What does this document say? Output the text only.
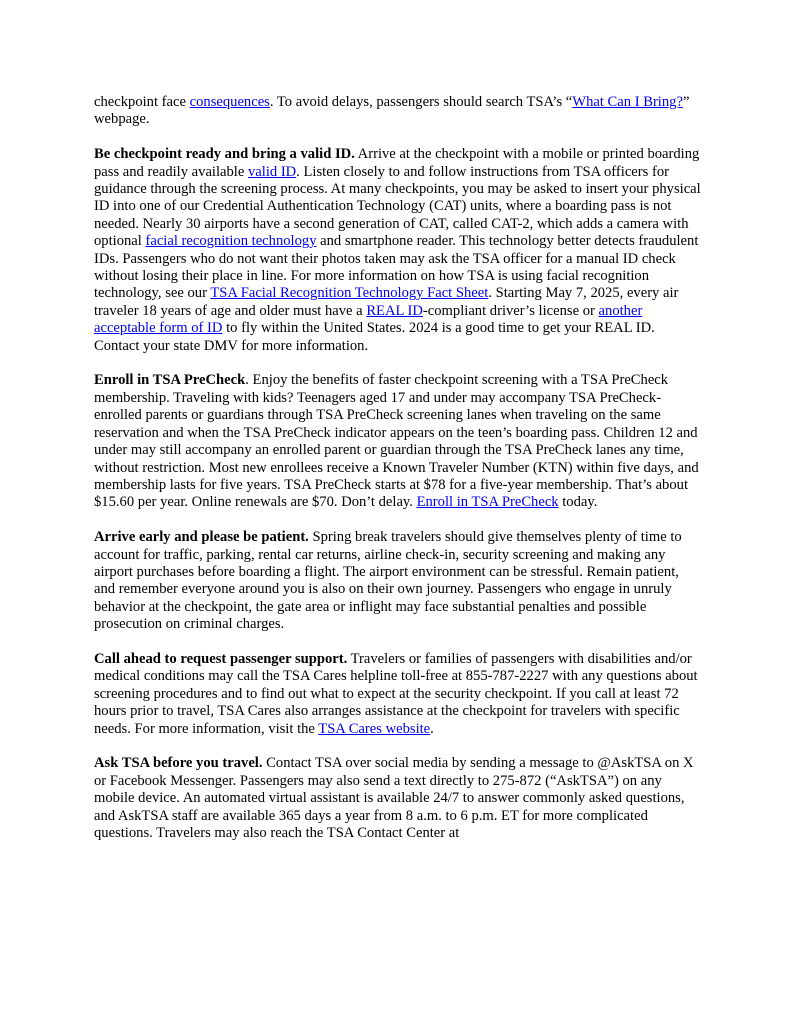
checkpoint face consequences. To avoid delays, passengers should search TSA’s “What Can I Bring?” webpage.

Be checkpoint ready and bring a valid ID. Arrive at the checkpoint with a mobile or printed boarding pass and readily available valid ID. Listen closely to and follow instructions from TSA officers for guidance through the screening process. At many checkpoints, you may be asked to insert your physical ID into one of our Credential Authentication Technology (CAT) units, where a boarding pass is not needed. Nearly 30 airports have a second generation of CAT, called CAT-2, which adds a camera with optional facial recognition technology and smartphone reader. This technology better detects fraudulent IDs. Passengers who do not want their photos taken may ask the TSA officer for a manual ID check without losing their place in line. For more information on how TSA is using facial recognition technology, see our TSA Facial Recognition Technology Fact Sheet. Starting May 7, 2025, every air traveler 18 years of age and older must have a REAL ID-compliant driver’s license or another acceptable form of ID to fly within the United States. 2024 is a good time to get your REAL ID. Contact your state DMV for more information.

Enroll in TSA PreCheck. Enjoy the benefits of faster checkpoint screening with a TSA PreCheck membership. Traveling with kids? Teenagers aged 17 and under may accompany TSA PreCheck-enrolled parents or guardians through TSA PreCheck screening lanes when traveling on the same reservation and when the TSA PreCheck indicator appears on the teen’s boarding pass. Children 12 and under may still accompany an enrolled parent or guardian through the TSA PreCheck lanes any time, without restriction. Most new enrollees receive a Known Traveler Number (KTN) within five days, and membership lasts for five years. TSA PreCheck starts at $78 for a five-year membership. That’s about $15.60 per year. Online renewals are $70. Don’t delay. Enroll in TSA PreCheck today.

Arrive early and please be patient. Spring break travelers should give themselves plenty of time to account for traffic, parking, rental car returns, airline check-in, security screening and making any airport purchases before boarding a flight. The airport environment can be stressful. Remain patient, and remember everyone around you is also on their own journey. Passengers who engage in unruly behavior at the checkpoint, the gate area or inflight may face substantial penalties and possible prosecution on criminal charges.

Call ahead to request passenger support. Travelers or families of passengers with disabilities and/or medical conditions may call the TSA Cares helpline toll-free at 855-787-2227 with any questions about screening procedures and to find out what to expect at the security checkpoint. If you call at least 72 hours prior to travel, TSA Cares also arranges assistance at the checkpoint for travelers with specific needs. For more information, visit the TSA Cares website.

Ask TSA before you travel. Contact TSA over social media by sending a message to @AskTSA on X or Facebook Messenger. Passengers may also send a text directly to 275-872 (“AskTSA”) on any mobile device. An automated virtual assistant is available 24/7 to answer commonly asked questions, and AskTSA staff are available 365 days a year from 8 a.m. to 6 p.m. ET for more complicated questions. Travelers may also reach the TSA Contact Center at
